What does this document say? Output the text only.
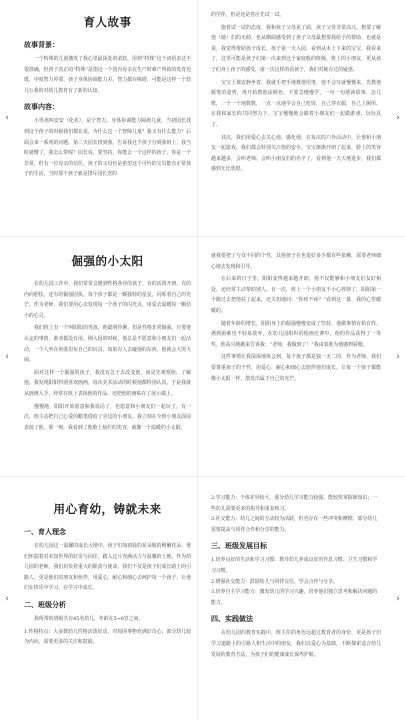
‹
育人故事
故事背景：
一个特殊的儿童激发了我心里最深处的柔软，用到“特殊”这个词语表达不很准确，但孩子真正的“特殊”是指这一个国内母亲在生产时难产所致的发育迟缓，中度智力停滞，孩子身体协调能力差，智力都存障碍，可能是这样一个幼儿公我的对幼儿教育有了新的认知。
故事内容：
小男孩叫安安（化名），是个智力、身体协调能力障碍儿童，当初园长找到这个孩子的时候我们都在说，为什么这一个智障儿童？我又有什么能力？后面会来一系列的问题。第二天园长找到我，告诉我这个孩子分到我班上，我当时就懵了，我怎么带呢？园长说，要坚持，你能去一个这样的孩子，你是一个非常，但有一位母亲的信任，孩子的父母也是希望这个可怜的宝贝能有正常孩子的生活，当时那个孩子就是排斥园长送的
的学伴，但是还是答应先试一试。
抱着试一试的态度，我和孩子父母见了面，孩子父母非常高兴，想要了解他（她）们的无助、也从侧面感受到了孩子父母最想要我给予的帮助，也就是说，我觉得帮助孩子成长，孩子第一天入园，看到从未上下来的宝宝，我看来了，这里可能是孩子们第一次来到这个家庭般的班级，班上的小朋友，更从孩子们身上孩子的感受，第一次这样的看孩子，我们对她有过的疑惑。
宝宝上课安静坐着，我就手把手地教他用笔，他不会写就慢慢来，先教他握笔的姿势，再开始教他涂颜色，不要急慢慢学，一句一句地读故事、念儿歌，一个一个地数数，一点一点地学会自己吃饭，自己穿衣服，自己上厕所，在我和家长的共同努力下，宝宝慢慢地会跟着小朋友们一起做游戏、玩玩具了。
其次，我们用爱心去关心他、感化他，在每次的户外活动中，让他和小朋友一起游戏，我们都会特别关注他的安全，宝宝渐渐开朗了起来，脸上的笑容越来越多，会叫老师、会叫小朋友们的名字了，看到他一天天地进步，我们都感到无比欣慰。
›
‹
倔强的小太阳
在幼儿园工作中，我们常常会遇到性格各异的孩子，有的活泼开朗，有的内向胆怯，还有的倔强固执。每个孩子都是一颗独特的星星，闪烁着自己的光芒。作为老师，我们要用心去发现每一个孩子的闪光点，用爱去温暖每一颗幼小的心灵。
我们班上有一个叫阳阳的男孩，他聪明伶俐，但是性格非常倔强。只要他认定的事情，谁劝都没有用。刚入园的时候，他总是不愿意和小朋友们一起活动，一个人坐在角落里玩自己的玩具，如果有人去碰他的东西，他就会大哭大闹。
面对这样一个倔强的孩子，我没有急于去改变他，而是先观察他、了解他。我发现阳阳特别喜欢画画，每次美术活动的时候他都特别认真，于是我就从画画入手，经常在班上表扬他的作品，还把他的画贴在了展示墙上。
慢慢地，阳阳开始愿意和我说话了，也愿意和小朋友们一起玩了。有一次，他主动把自己心爱的蜡笔借给了旁边的小朋友，我立刻在全班小朋友面前表扬了他，那一刻，我看到了他脸上灿烂的笑容，就像一个温暖的小太阳。
就我要把了与众不同的个性，其他孩子在也很好多少都有些依赖，需要老师细心地去发现和引导。
在后来的日子里，阳阳变得越来越开朗，他不仅能够和小朋友们友好相处，还经常主动帮助别人。有一次，班上一个小朋友不小心摔倒了，阳阳第一个跑过去把他扶了起来，还关切地问：“你疼不疼？”看到这一幕，我的心里暖暖的。
随着年龄的增长，阳阳身上的倔强慢慢变成了坚持，他做事情有始有终，遇到困难也不轻易放弃。在幼儿园组织的绘画比赛中，他的作品获得了一等奖，他高兴地跑来告诉我：“老师，我做到了！”我由衷地为他感到骄傲。
这件事情让我深深地体会到，每个孩子都是独一无二的，作为老师，我们要尊重孩子的个性，用爱心、耐心和细心去陪伴他们成长，让每一个孩子都能像小太阳一样，散发出属于自己的光芒。
›
‹
用心育幼，铸就未来
一、育人理念
在幼儿园这一温馨的成长大地中，孩子们如初晨的花朵般的稚嫩花朵，他们怀揣着对未知世界的好奇与向往，踏入这片充满活力与温馨的土地。作为幼儿园的老师，我们肩负着重大的职责与使命。我们不仅是孩子们成长路上的引路人，更是他们的朋友和伙伴，用爱心、耐心和细心去呵护每一个孩子，让他们在快乐中学习，在学习中成长。
二、班级分析
我所带的班级共有45名幼儿，年龄在5~6岁之间。
1.性格特点：大多数幼儿性格活泼好动，对周围事物充满好奇心；部分幼儿较为内向，需要更多的关注和鼓励。
2.学习能力：个体差异较大，部分幼儿学习能力较强，能较快掌握新知识；一些幼儿需要更多的指导和重复练习。
3.社交能力：幼儿之间的互动较为活跃，但也存在一些冲突和摩擦，部分幼儿需要提高与同伴合作和分享的能力。
三、班级发展目标
1.培养良好的生活和学习习惯：教导幼儿养成良好的作息习惯、卫生习惯和学习习惯。
2.增强社交能力：鼓励幼儿与同伴交往，学会合作与分享。
3.培养自主学习能力：激发幼儿的学习兴趣，培养他们独立思考和解决问题的能力。
四、实践做法
在幼儿园的教育实践中，班主任的角色远超过教育者的身份，更是孩子们学习道路上的引路人和生活中的朋友，我们以爱心为基础，不断探索适合幼儿发展的教育方法，为孩子们的健康成长保驾护航。
›
